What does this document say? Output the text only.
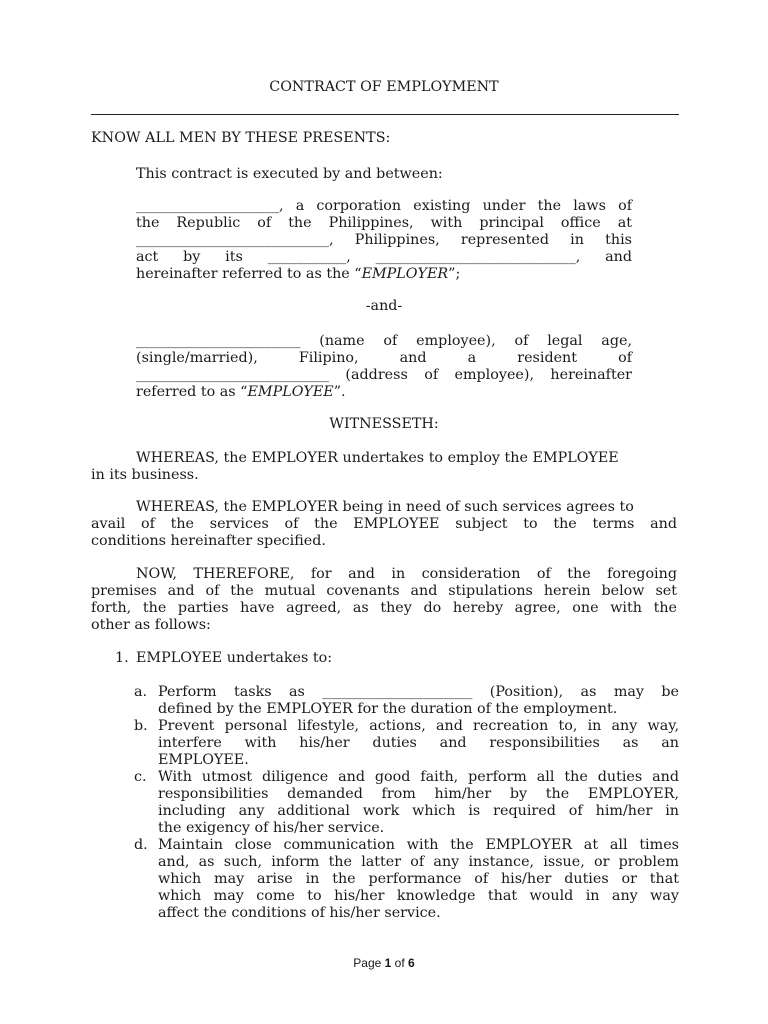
CONTRACT OF EMPLOYMENT
KNOW ALL MEN BY THESE PRESENTS:
This contract is executed by and between:
____________________, a corporation existing under the laws of
the Republic of the Philippines, with principal office at
___________________________, Philippines, represented in this
act by its ___________, ____________________________, and
hereinafter referred to as the “EMPLOYER”;
-and-
_______________________ (name of employee), of legal age,
(single/married), Filipino, and a resident of
___________________________ (address of employee), hereinafter
referred to as “EMPLOYEE”.
WITNESSETH:
WHEREAS, the EMPLOYER undertakes to employ the EMPLOYEE
in its business.
WHEREAS, the EMPLOYER being in need of such services agrees to
avail of the services of the EMPLOYEE subject to the terms and
conditions hereinafter specified.
NOW, THEREFORE, for and in consideration of the foregoing
premises and of the mutual covenants and stipulations herein below set
forth, the parties have agreed, as they do hereby agree, one with the
other as follows:
1. EMPLOYEE undertakes to:
a. Perform tasks as _____________________ (Position), as may be
defined by the EMPLOYER for the duration of the employment.
b. Prevent personal lifestyle, actions, and recreation to, in any way,
interfere with his/her duties and responsibilities as an
EMPLOYEE.
c. With utmost diligence and good faith, perform all the duties and
responsibilities demanded from him/her by the EMPLOYER,
including any additional work which is required of him/her in
the exigency of his/her service.
d. Maintain close communication with the EMPLOYER at all times
and, as such, inform the latter of any instance, issue, or problem
which may arise in the performance of his/her duties or that
which may come to his/her knowledge that would in any way
affect the conditions of his/her service.
Page 1 of 6
